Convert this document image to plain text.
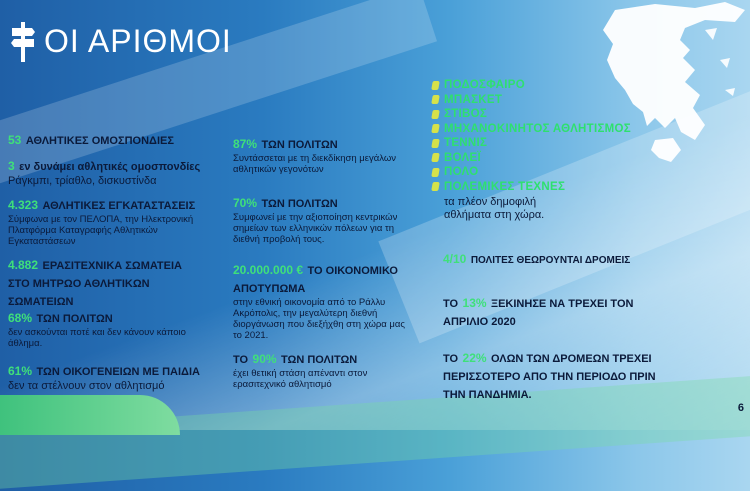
ΟΙ ΑΡΙΘΜΟΙ
53 ΑΘΛΗΤΙΚΕΣ ΟΜΟΣΠΟΝΔΙΕΣ
3 εν δυνάμει αθλητικές ομοσπονδίες
Ράγκμπι, τρίαθλο, δισκυστίνδα
4.323 ΑΘΛΗΤΙΚΕΣ ΕΓΚΑΤΑΣΤΑΣΕΙΣ
Σύμφωνα με τον ΠΕΛΟΠΑ, την Ηλεκτρονική Πλατφόρμα Καταγραφής Αθλητικών Εγκαταστάσεων
4.882 ΕΡΑΣΙΤΕΧΝΙΚΑ ΣΩΜΑΤΕΙΑ ΣΤΟ ΜΗΤΡΩΟ ΑΘΛΗΤΙΚΩΝ ΣΩΜΑΤΕΙΩΝ
68% ΤΩΝ ΠΟΛΙΤΩΝ
δεν ασκούνται ποτέ και δεν κάνουν κάποιο άθλημα.
61% ΤΩΝ ΟΙΚΟΓΕΝΕΙΩΝ ΜΕ ΠΑΙΔΙΑ
δεν τα στέλνουν στον αθλητισμό
87% ΤΩΝ ΠΟΛΙΤΩΝ
Συντάσσεται με τη διεκδίκηση μεγάλων αθλητικών γεγονότων
70% ΤΩΝ ΠΟΛΙΤΩΝ
Συμφωνεί με την αξιοποίηση κεντρικών σημείων των ελληνικών πόλεων για τη διεθνή προβολή τους.
20.000.000 € ΤΟ ΟΙΚΟΝΟΜΙΚΟ ΑΠΟΤΥΠΩΜΑ
στην εθνική οικονομία από το Ράλλυ Ακρόπολις, την μεγαλύτερη διεθνή διοργάνωση που διεξήχθη στη χώρα μας το 2021.
ΤΟ 90% ΤΩΝ ΠΟΛΙΤΩΝ
έχει θετική στάση απέναντι στον ερασιτεχνικό αθλητισμό
ΠΟΔΟΣΦΑΙΡΟ
ΜΠΑΣΚΕΤ
ΣΤΙΒΟΣ
ΜΗΧΑΝΟΚΙΝΗΤΟΣ ΑΘΛΗΤΙΣΜΟΣ
ΤΕΝΝΙΣ
ΒΟΛΕΪ
ΠΟΛΟ
ΠΟΛΕΜΙΚΕΣ ΤΕΧΝΕΣ
τα πλέον δημοφιλή αθλήματα στη χώρα.
4/10 ΠΟΛΙΤΕΣ ΘΕΩΡΟΥΝΤΑΙ ΔΡΟΜΕΙΣ
ΤΟ 13% ΞΕΚΙΝΗΣΕ ΝΑ ΤΡΕΧΕΙ ΤΟΝ ΑΠΡΙΛΙΟ 2020
ΤΟ 22% ΟΛΩΝ ΤΩΝ ΔΡΟΜΕΩΝ ΤΡΕΧΕΙ ΠΕΡΙΣΣΟΤΕΡΟ ΑΠΟ ΤΗΝ ΠΕΡΙΟΔΟ ΠΡΙΝ ΤΗΝ ΠΑΝΔΗΜΙΑ.
6
